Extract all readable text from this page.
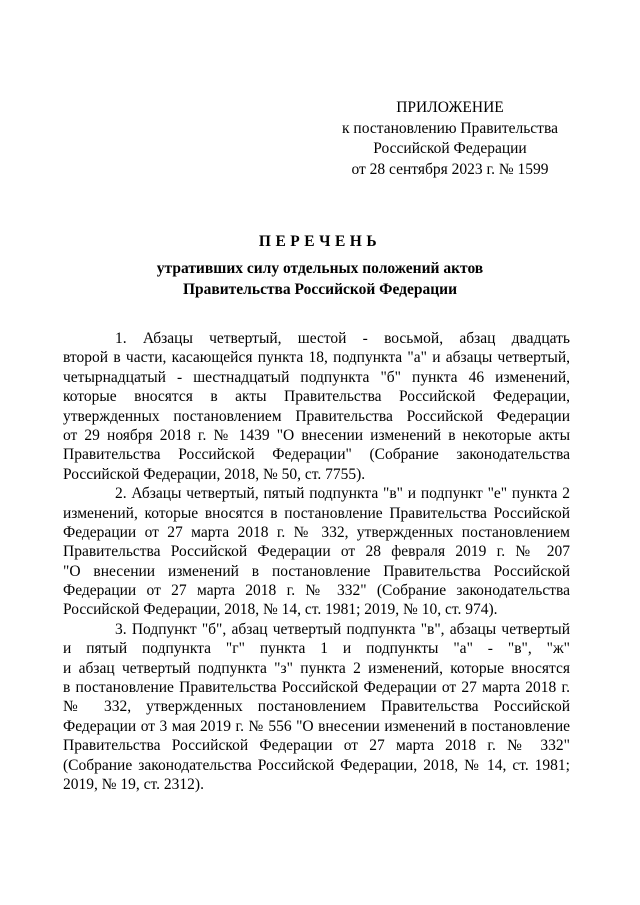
ПРИЛОЖЕНИЕ
к постановлению Правительства
Российской Федерации
от 28 сентября 2023 г. № 1599
ПЕРЕЧЕНЬ
утративших силу отдельных положений актов
Правительства Российской Федерации
1. Абзацы четвертый, шестой - восьмой, абзац двадцать
второй в части, касающейся пункта 18, подпункта "а" и абзацы четвертый,
четырнадцатый - шестнадцатый подпункта "б" пункта 46 изменений,
которые вносятся в акты Правительства Российской Федерации,
утвержденных постановлением Правительства Российской Федерации
от 29 ноября 2018 г. № 1439 "О внесении изменений в некоторые акты
Правительства Российской Федерации" (Собрание законодательства
Российской Федерации, 2018, № 50, ст. 7755).
2. Абзацы четвертый, пятый подпункта "в" и подпункт "е" пункта 2
изменений, которые вносятся в постановление Правительства Российской
Федерации от 27 марта 2018 г. № 332, утвержденных постановлением
Правительства Российской Федерации от 28 февраля 2019 г. № 207
"О внесении изменений в постановление Правительства Российской
Федерации от 27 марта 2018 г. № 332" (Собрание законодательства
Российской Федерации, 2018, № 14, ст. 1981; 2019, № 10, ст. 974).
3. Подпункт "б", абзац четвертый подпункта "в", абзацы четвертый
и пятый подпункта "г" пункта 1 и подпункты "а" - "в", "ж"
и абзац четвертый подпункта "з" пункта 2 изменений, которые вносятся
в постановление Правительства Российской Федерации от 27 марта 2018 г.
№ 332, утвержденных постановлением Правительства Российской
Федерации от 3 мая 2019 г. № 556 "О внесении изменений в постановление
Правительства Российской Федерации от 27 марта 2018 г. № 332"
(Собрание законодательства Российской Федерации, 2018, № 14, ст. 1981;
2019, № 19, ст. 2312).
